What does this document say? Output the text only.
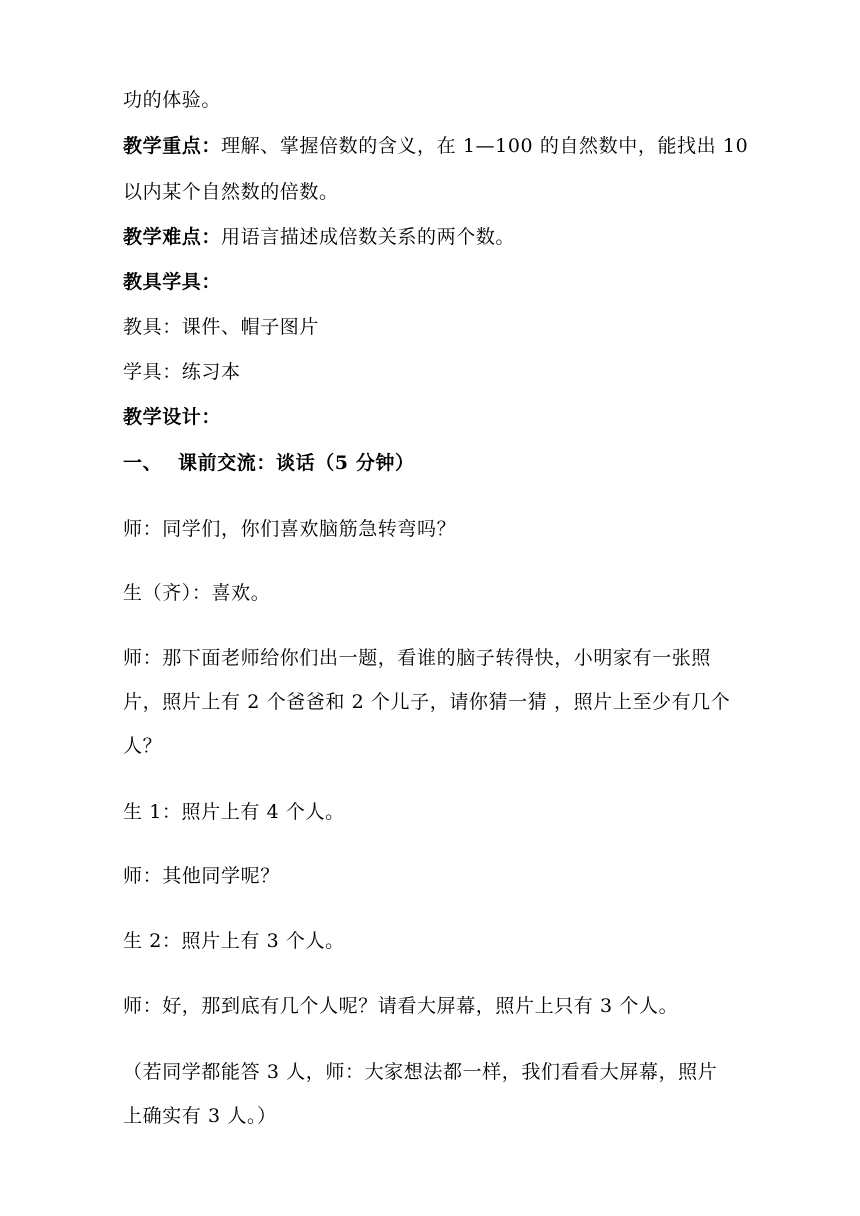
功的体验。
教学重点：理解、掌握倍数的含义，在 1—100 的自然数中，能找出 10
以内某个自然数的倍数。
教学难点：用语言描述成倍数关系的两个数。
教具学具：
教具：课件、帽子图片
学具：练习本
教学设计：
一、 课前交流：谈话（5 分钟）
师：同学们，你们喜欢脑筋急转弯吗？
生（齐）：喜欢。
师：那下面老师给你们出一题，看谁的脑子转得快，小明家有一张照
片，照片上有 2 个爸爸和 2 个儿子，请你猜一猜 ，照片上至少有几个
人？
生 1：照片上有 4 个人。
师：其他同学呢？
生 2：照片上有 3 个人。
师：好，那到底有几个人呢？请看大屏幕，照片上只有 3 个人。
（若同学都能答 3 人，师：大家想法都一样，我们看看大屏幕，照片
上确实有 3 人。）
